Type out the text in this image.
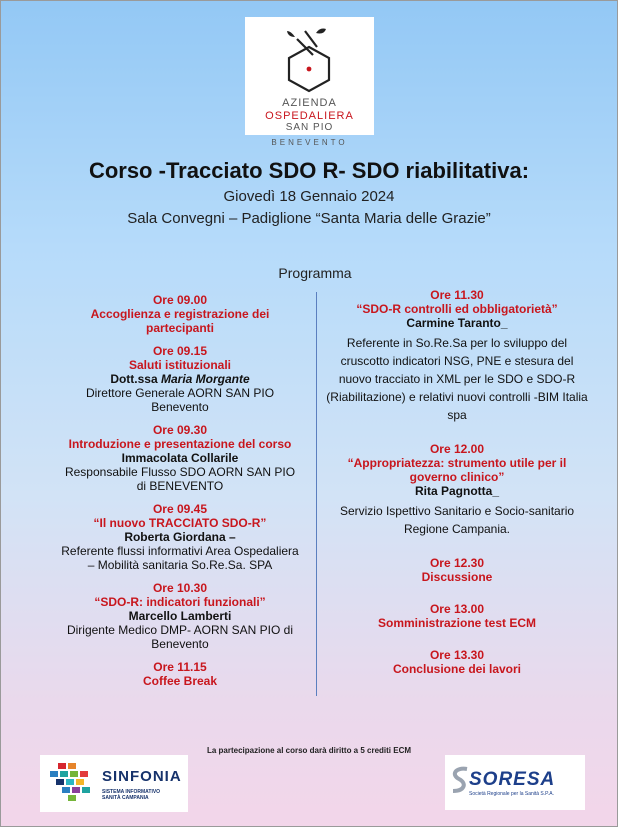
AZIENDA
OSPEDALIERA
SAN PIO
BENEVENTO
Corso -Tracciato SDO R- SDO riabilitativa:
Giovedì 18 Gennaio 2024
Sala Convegni – Padiglione “Santa Maria delle Grazie”
Programma
Ore 09.00
Accoglienza e registrazione dei partecipanti
Ore 09.15
Saluti istituzionali
Dott.ssa Maria Morgante
Direttore Generale AORN SAN PIO Benevento
Ore 09.30
Introduzione e presentazione del corso
Immacolata Collarile
Responsabile Flusso SDO AORN SAN PIO di BENEVENTO
Ore 09.45
“Il nuovo TRACCIATO SDO-R”
Roberta Giordana –
Referente flussi informativi Area Ospedaliera – Mobilità sanitaria So.Re.Sa. SPA
Ore 10.30
“SDO-R: indicatori funzionali”
Marcello Lamberti
Dirigente Medico DMP- AORN SAN PIO di Benevento
Ore 11.15
Coffee Break
Ore 11.30
“SDO-R controlli ed obbligatorietà”
Carmine Taranto_
Referente in So.Re.Sa per lo sviluppo del cruscotto indicatori NSG, PNE e stesura del nuovo tracciato in XML per le SDO e SDO-R (Riabilitazione) e relativi nuovi controlli -BIM Italia spa
Ore 12.00
“Appropriatezza: strumento utile per il governo clinico”
Rita Pagnotta_
Servizio Ispettivo Sanitario e Socio-sanitario Regione Campania.
Ore 12.30
Discussione
Ore 13.00
Somministrazione test ECM
Ore 13.30
Conclusione dei lavori
La partecipazione al corso darà diritto a 5 crediti ECM
SINFONIA
SISTEMA INFORMATIVO
SANITÀ CAMPANIA
SORESA
Società Regionale per la Sanità S.P.A.
